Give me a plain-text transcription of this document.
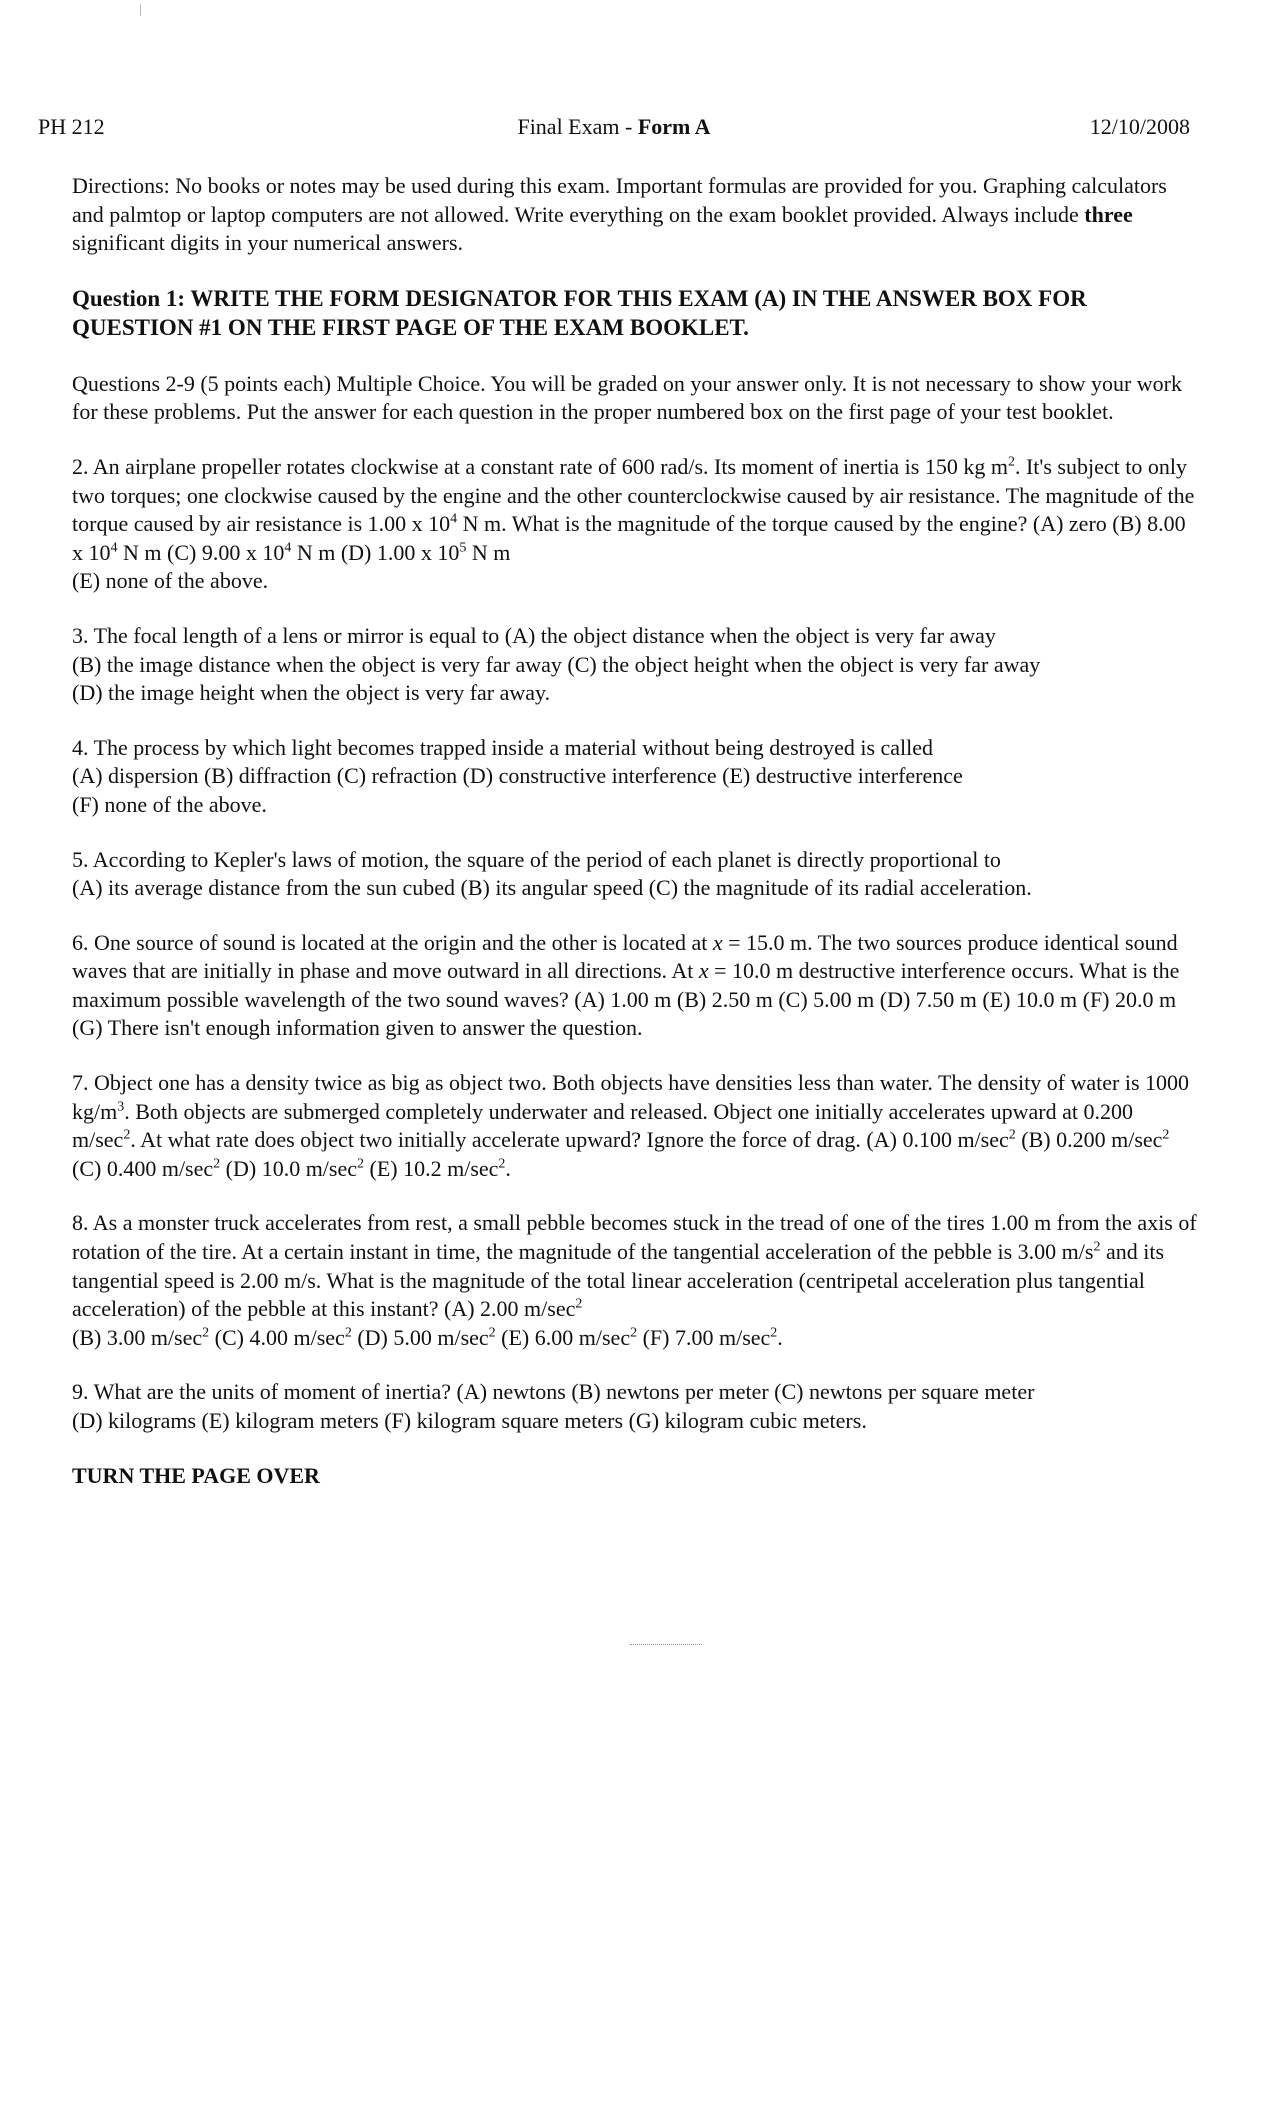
PH 212	Final Exam - Form A	12/10/2008

Directions: No books or notes may be used during this exam. Important formulas are provided for you. Graphing calculators and palmtop or laptop computers are not allowed. Write everything on the exam booklet provided. Always include three significant digits in your numerical answers.

Question 1: WRITE THE FORM DESIGNATOR FOR THIS EXAM (A) IN THE ANSWER BOX FOR QUESTION #1 ON THE FIRST PAGE OF THE EXAM BOOKLET.

Questions 2-9 (5 points each) Multiple Choice. You will be graded on your answer only. It is not necessary to show your work for these problems. Put the answer for each question in the proper numbered box on the first page of your test booklet.

2. An airplane propeller rotates clockwise at a constant rate of 600 rad/s. Its moment of inertia is 150 kg $m^2$. It's subject to only two torques; one clockwise caused by the engine and the other counterclockwise caused by air resistance. The magnitude of the torque caused by air resistance is 1.00 x $10^4$ N m. What is the magnitude of the torque caused by the engine? (A) zero (B) 8.00 x $10^4$ N m (C) 9.00 x $10^4$ N m (D) 1.00 x $10^5$ N m

(E) none of the above.

3. The focal length of a lens or mirror is equal to (A) the object distance when the object is very far away

(B) the image distance when the object is very far away (C) the object height when the object is very far away

(D) the image height when the object is very far away.

4. The process by which light becomes trapped inside a material without being destroyed is called

(A) dispersion (B) diffraction (C) refraction (D) constructive interference (E) destructive interference

(F) none of the above.

5. According to Kepler's laws of motion, the square of the period of each planet is directly proportional to

(A) its average distance from the sun cubed (B) its angular speed (C) the magnitude of its radial acceleration.

6. One source of sound is located at the origin and the other is located at x = 15.0 m. The two sources produce identical sound waves that are initially in phase and move outward in all directions. At x = 10.0 m destructive interference occurs. What is the maximum possible wavelength of the two sound waves? (A) 1.00 m (B) 2.50 m (C) 5.00 m (D) 7.50 m (E) 10.0 m (F) 20.0 m (G) There isn't enough information given to answer the question.

7. Object one has a density twice as big as object two. Both objects have densities less than water. The density of water is 1000 $kg/m^3$. Both objects are submerged completely underwater and released. Object one initially accelerates upward at 0.200 $m/\sec^2$. At what rate does object two initially accelerate upward? Ignore the force of drag. (A) 0.100 $m/\sec^2$ (B) 0.200 $m/\sec^2$ (C) 0.400 $m/\sec^2$ (D) 10.0 $m/\sec^2$ (E) 10.2 $m/\sec^2$.

8. As a monster truck accelerates from rest, a small pebble becomes stuck in the tread of one of the tires 1.00 m from the axis of rotation of the tire. At a certain instant in time, the magnitude of the tangential acceleration of the pebble is 3.00 $m/s^2$ and its tangential speed is 2.00 m/s. What is the magnitude of the total linear acceleration (centripetal acceleration plus tangential acceleration) of the pebble at this instant? (A) 2.00 $m/\sec^2$

(B) 3.00 $m/\sec^2$ (C) 4.00 $m/\sec^2$ (D) 5.00 $m/\sec^2$ (E) 6.00 $m/\sec^2$ (F) 7.00 $m/\sec^2$.

9. What are the units of moment of inertia? (A) newtons (B) newtons per meter (C) newtons per square meter

(D) kilograms (E) kilogram meters (F) kilogram square meters (G) kilogram cubic meters.

TURN THE PAGE OVER
